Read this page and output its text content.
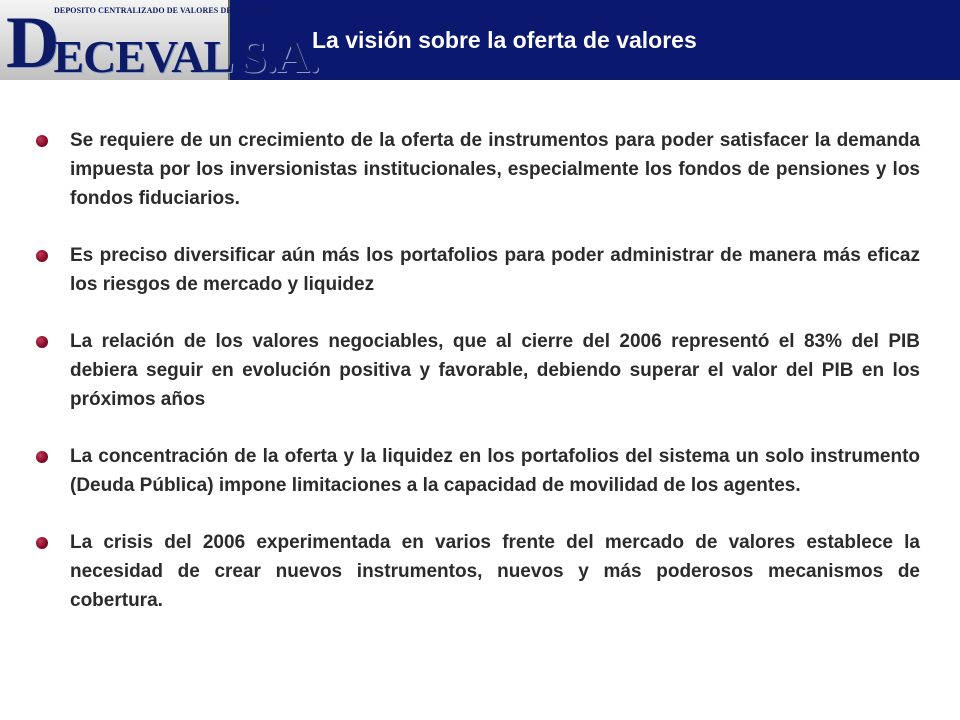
DEPOSITO CENTRALIZADO DE VALORES DE COLOMBIA
DECEVAL S.A.
La visión sobre la oferta de valores
Se requiere de un crecimiento de la oferta de instrumentos para poder satisfacer la demanda impuesta por los inversionistas institucionales, especialmente los fondos de pensiones y los fondos fiduciarios.
Es preciso diversificar aún más los portafolios para poder administrar de manera más eficaz los riesgos de mercado y liquidez
La relación de los valores negociables, que al cierre del 2006 representó el 83% del PIB debiera seguir en evolución positiva y favorable, debiendo superar el valor del PIB en los próximos años
La concentración de la oferta y la liquidez en los portafolios del sistema un solo instrumento (Deuda Pública) impone limitaciones a la capacidad de movilidad de los agentes.
La crisis del 2006 experimentada en varios frente del mercado de valores establece la necesidad de crear nuevos instrumentos, nuevos y más poderosos mecanismos de cobertura.
